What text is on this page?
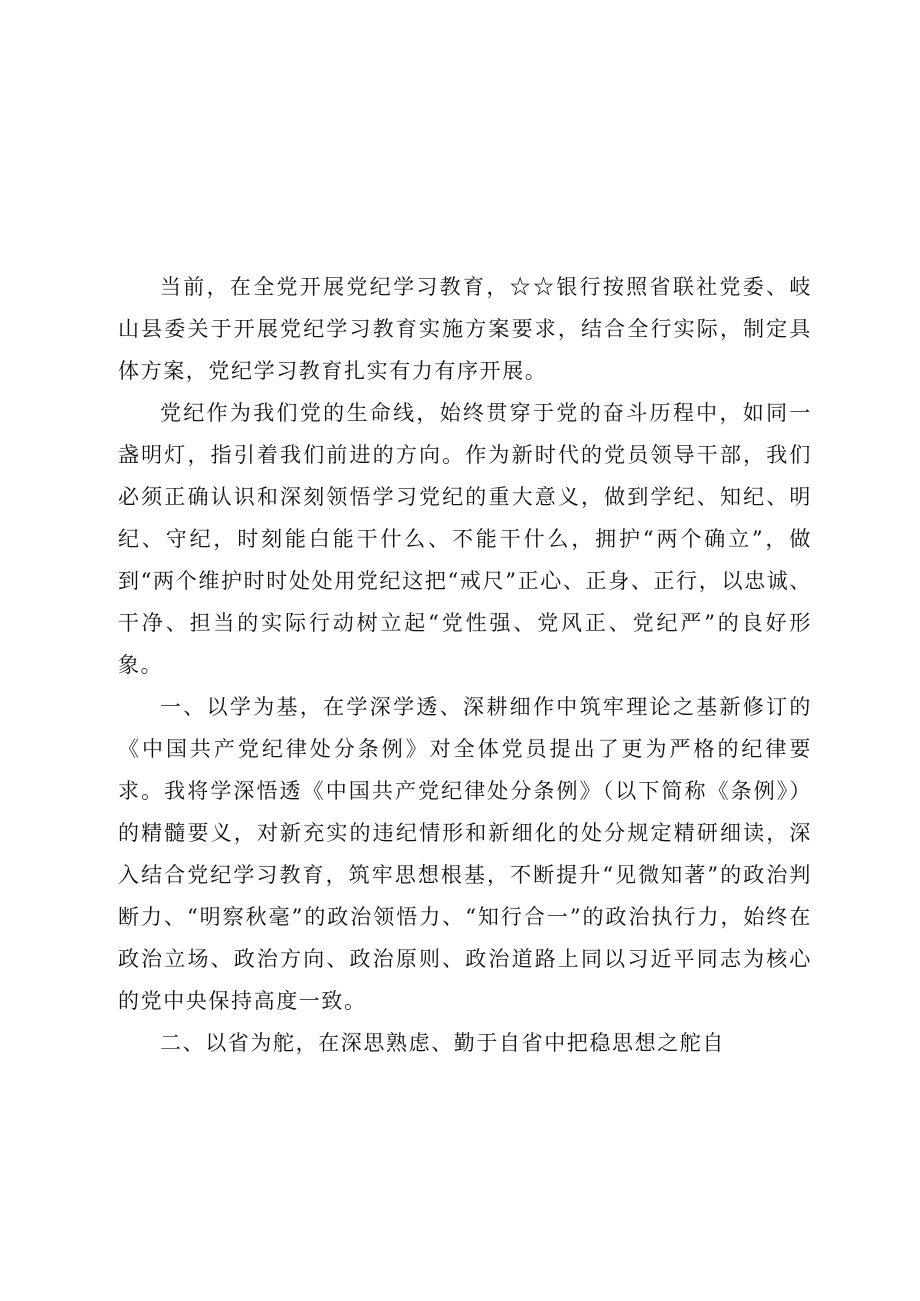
当前，在全党开展党纪学习教育，☆☆银行按照省联社党委、岐山县委关于开展党纪学习教育实施方案要求，结合全行实际，制定具体方案，党纪学习教育扎实有力有序开展。

党纪作为我们党的生命线，始终贯穿于党的奋斗历程中，如同一盏明灯，指引着我们前进的方向。作为新时代的党员领导干部，我们必须正确认识和深刻领悟学习党纪的重大意义，做到学纪、知纪、明纪、守纪，时刻能白能干什么、不能干什么，拥护“两个确立”，做到“两个维护时时处处用党纪这把“戒尺”正心、正身、正行，以忠诚、干净、担当的实际行动树立起“党性强、党风正、党纪严”的良好形象。

一、以学为基，在学深学透、深耕细作中筑牢理论之基新修订的《中国共产党纪律处分条例》对全体党员提出了更为严格的纪律要求。我将学深悟透《中国共产党纪律处分条例》（以下简称《条例》）的精髓要义，对新充实的违纪情形和新细化的处分规定精研细读，深入结合党纪学习教育，筑牢思想根基，不断提升“见微知著”的政治判断力、“明察秋毫”的政治领悟力、“知行合一”的政治执行力，始终在政治立场、政治方向、政治原则、政治道路上同以习近平同志为核心的党中央保持高度一致。

二、以省为舵，在深思熟虑、勤于自省中把稳思想之舵自
